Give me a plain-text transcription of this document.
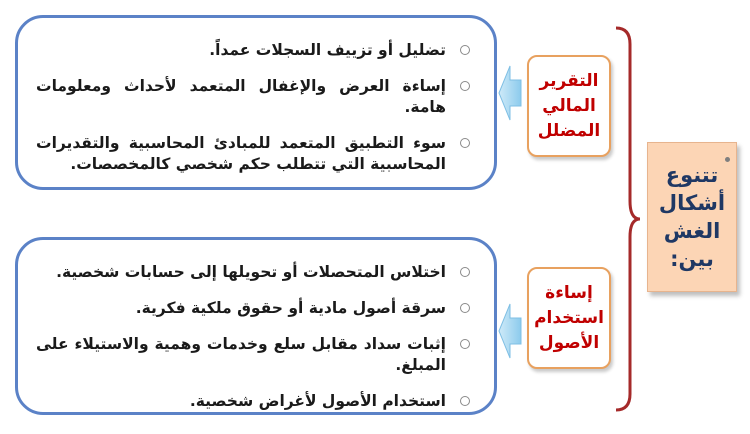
تضليل أو تزييف السجلات عمداً.
إساءة العرض والإغفال المتعمد لأحداث ومعلومات هامة.
سوء التطبيق المتعمد للمبادئ المحاسبية والتقديرات المحاسبية التي تتطلب حكم شخصي كالمخصصات.
اختلاس المتحصلات أو تحويلها إلى حسابات شخصية.
سرقة أصول مادية أو حقوق ملكية فكرية.
إثبات سداد مقابل سلع وخدمات وهمية والاستيلاء على المبلغ.
استخدام الأصول لأغراض شخصية.
التقرير المالي المضلل
إساءة استخدام الأصول
تتنوع أشكال الغش بين:
